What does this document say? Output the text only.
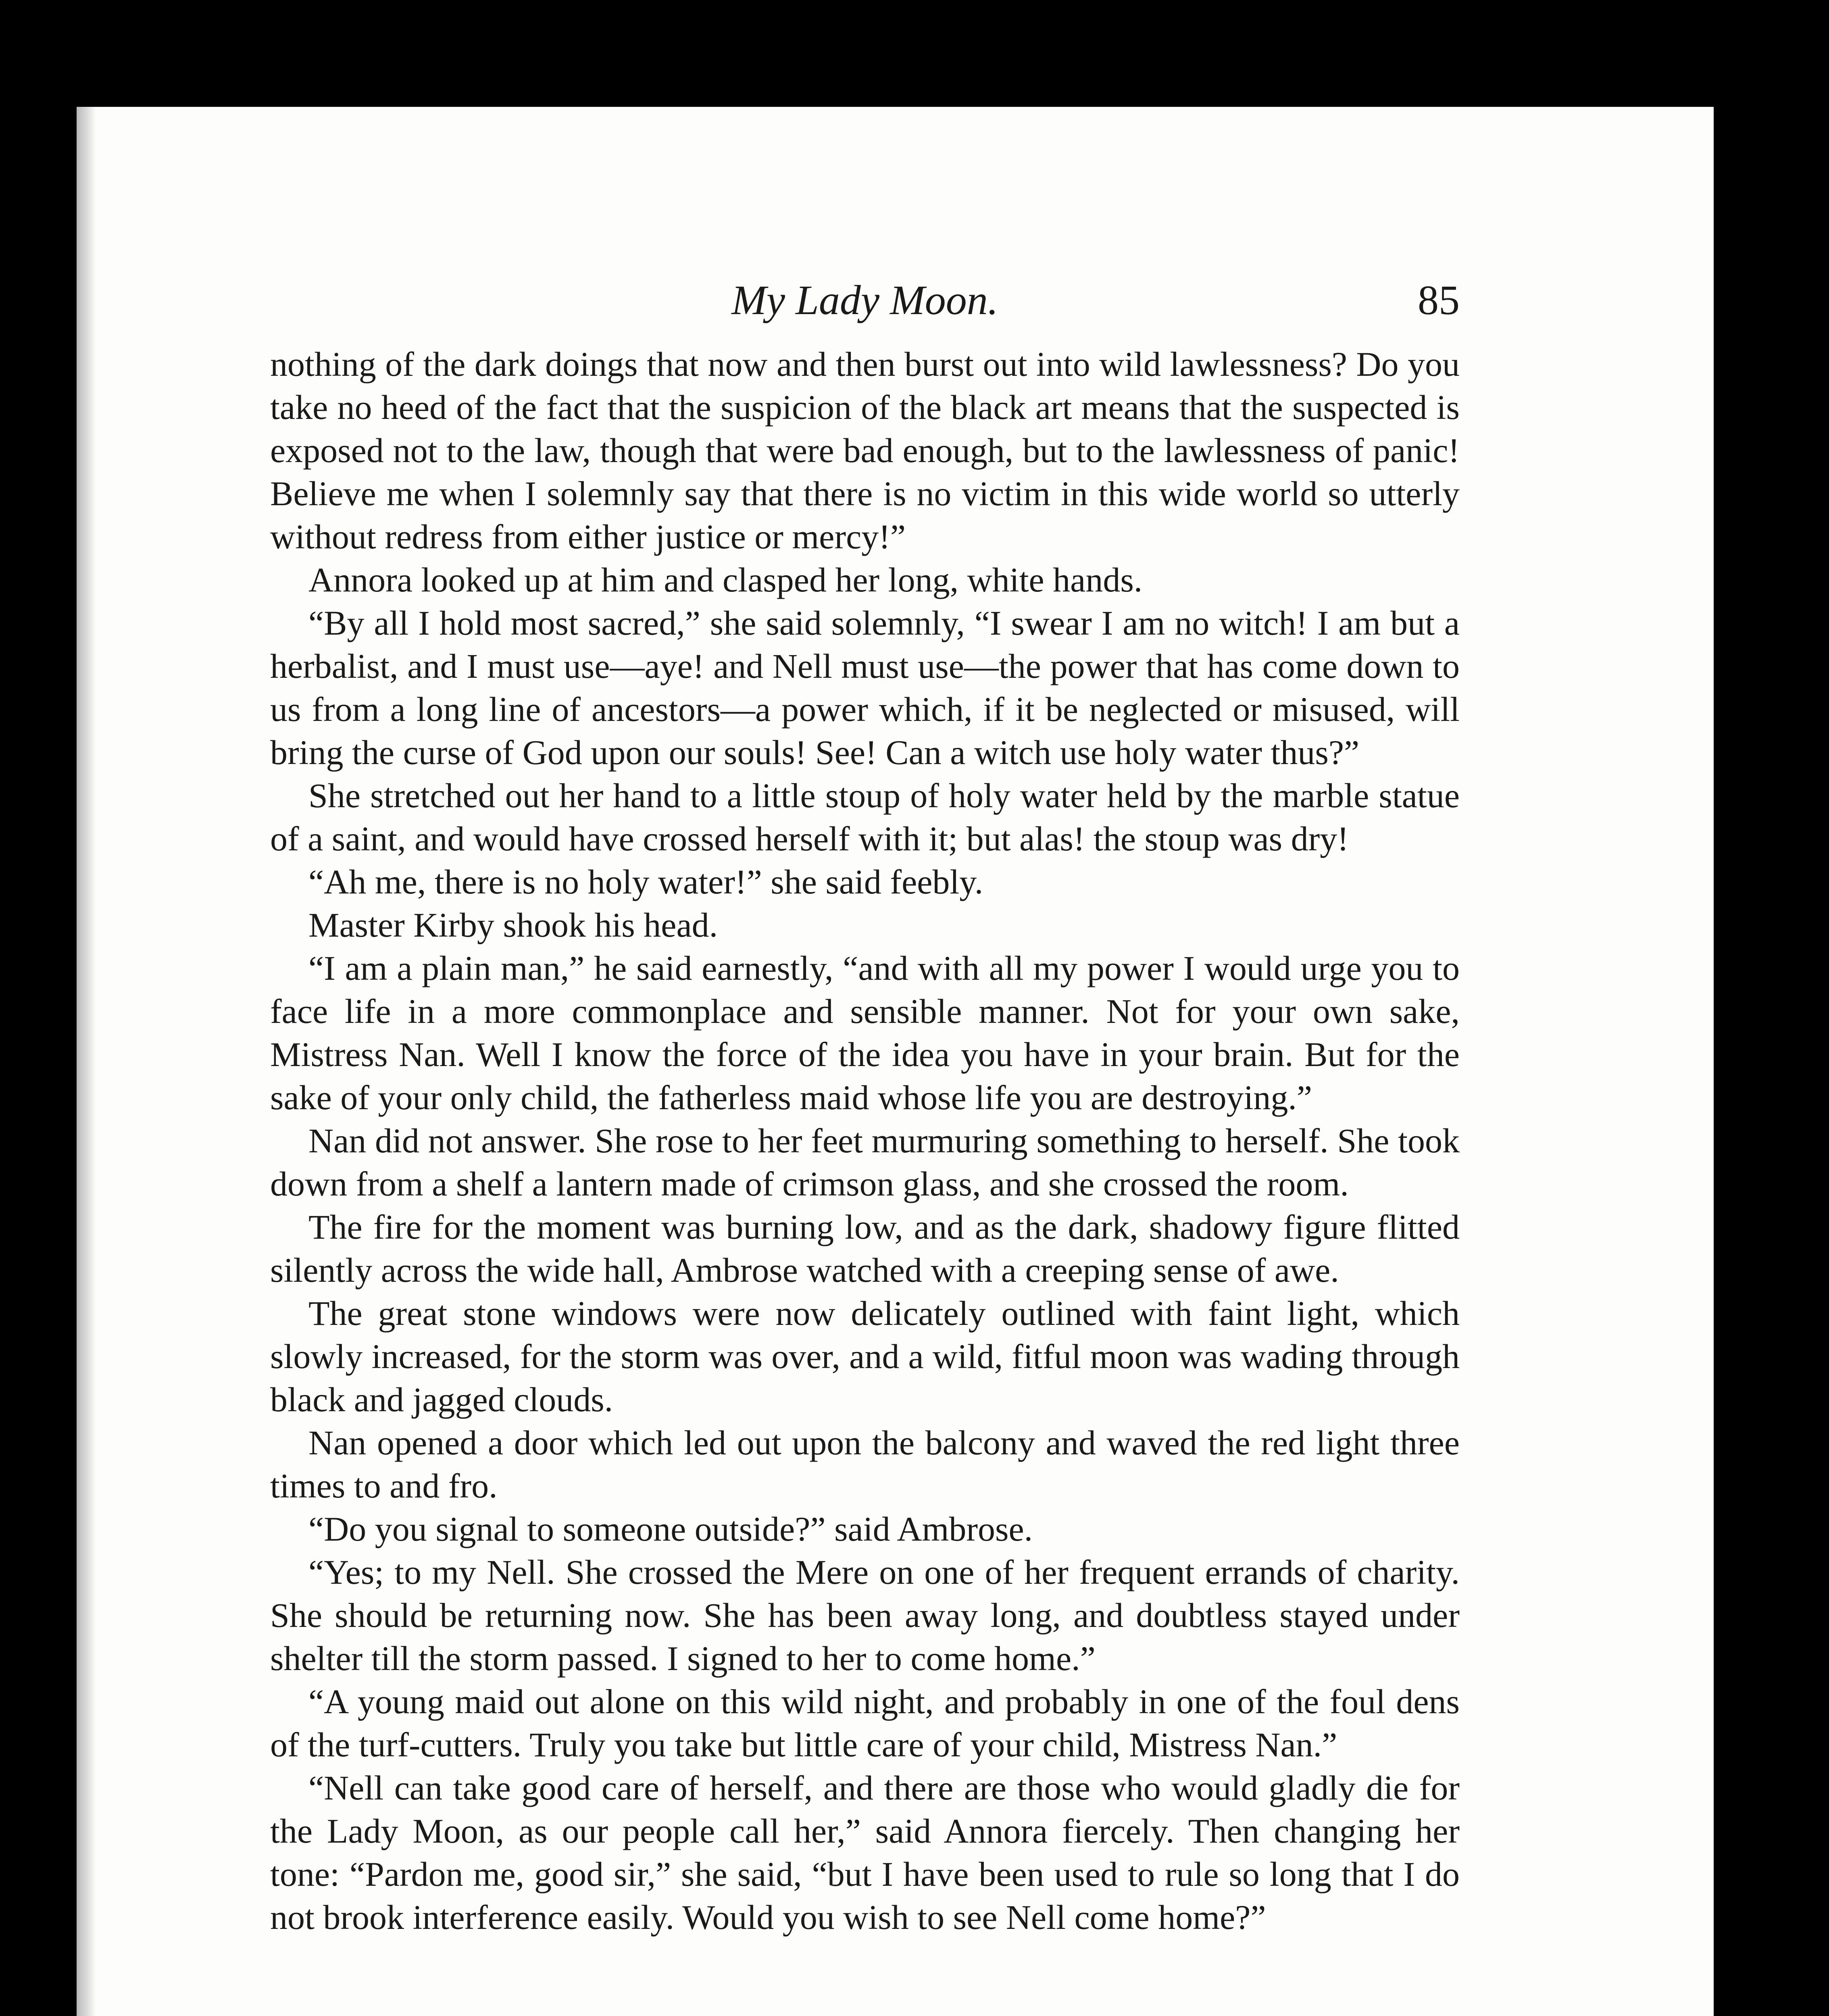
My Lady Moon.	85

nothing of the dark doings that now and then burst out into wild lawlessness? Do you take no heed of the fact that the suspicion of the black art means that the suspected is exposed not to the law, though that were bad enough, but to the lawlessness of panic! Believe me when I solemnly say that there is no victim in this wide world so utterly without redress from either justice or mercy!”

Annora looked up at him and clasped her long, white hands.

“By all I hold most sacred,” she said solemnly, “I swear I am no witch! I am but a herbalist, and I must use—aye! and Nell must use—the power that has come down to us from a long line of ancestors—a power which, if it be neglected or misused, will bring the curse of God upon our souls! See! Can a witch use holy water thus?”

She stretched out her hand to a little stoup of holy water held by the marble statue of a saint, and would have crossed herself with it; but alas! the stoup was dry!

“Ah me, there is no holy water!” she said feebly.

Master Kirby shook his head.

“I am a plain man,” he said earnestly, “and with all my power I would urge you to face life in a more commonplace and sensible manner. Not for your own sake, Mistress Nan. Well I know the force of the idea you have in your brain. But for the sake of your only child, the fatherless maid whose life you are destroying.”

Nan did not answer. She rose to her feet murmuring something to herself. She took down from a shelf a lantern made of crimson glass, and she crossed the room.

The fire for the moment was burning low, and as the dark, shadowy figure flitted silently across the wide hall, Ambrose watched with a creeping sense of awe.

The great stone windows were now delicately outlined with faint light, which slowly increased, for the storm was over, and a wild, fitful moon was wading through black and jagged clouds.

Nan opened a door which led out upon the balcony and waved the red light three times to and fro.

“Do you signal to someone outside?” said Ambrose.

“Yes; to my Nell. She crossed the Mere on one of her frequent errands of charity. She should be returning now. She has been away long, and doubtless stayed under shelter till the storm passed. I signed to her to come home.”

“A young maid out alone on this wild night, and probably in one of the foul dens of the turf-cutters. Truly you take but little care of your child, Mistress Nan.”

“Nell can take good care of herself, and there are those who would gladly die for the Lady Moon, as our people call her,” said Annora fiercely. Then changing her tone: “Pardon me, good sir,” she said, “but I have been used to rule so long that I do not brook interference easily. Would you wish to see Nell come home?”
